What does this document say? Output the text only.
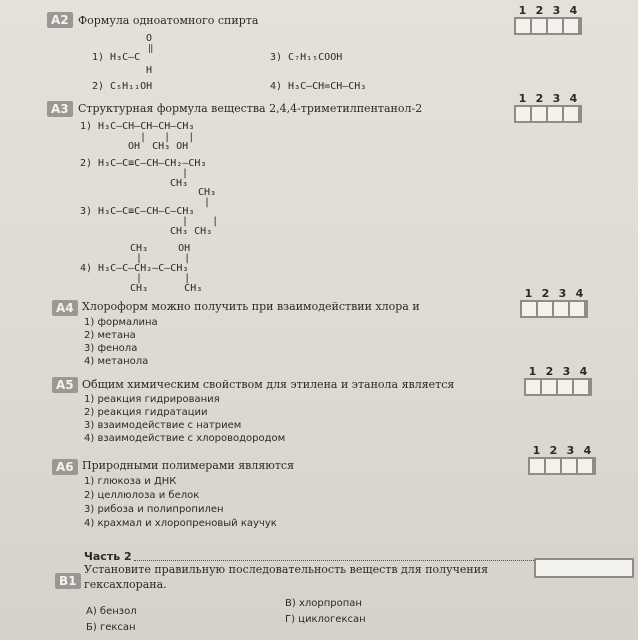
A2 Формула одноатомного спирта
O
‖
1) H₃C–C
H
3) C₇H₁₅COOH
2) C₅H₁₁OH	4) H₃C–CH=CH–CH₃
1 2 3 4
A3 Структурная формула вещества 2,4,4-триметилпентанол-2
1) H₃C–CH–CH–CH–CH₃
|   |   |
OH  CH₃ OH
2) H₃C–C≡C–CH–CH₂–CH₃
|
CH₃
CH₃
|
3) H₃C–C≡C–CH–C–CH₃
|    |
CH₃ CH₃
CH₃     OH
|       |
4) H₃C–C–CH₂–C–CH₃
|       |
CH₃      CH₃
1 2 3 4
A4 Хлороформ можно получить при взаимодействии хлора и
1) формалина
2) метана
3) фенола
4) метанола
1 2 3 4
A5 Общим химическим свойством для этилена и этанола является
1) реакция гидрирования
2) реакция гидратации
3) взаимодействие с натрием
4) взаимодействие с хлороводородом
1 2 3 4
A6 Природными полимерами являются
1) глюкоза и ДНК
2) целлюлоза и белок
3) рибоза и полипропилен
4) крахмал и хлоропреновый каучук
1 2 3 4
Часть 2
B1
Установите правильную последовательность веществ для получения
гексахлорана.
А) бензол
Б) гексан
В) хлорпропан
Г) циклогексан
